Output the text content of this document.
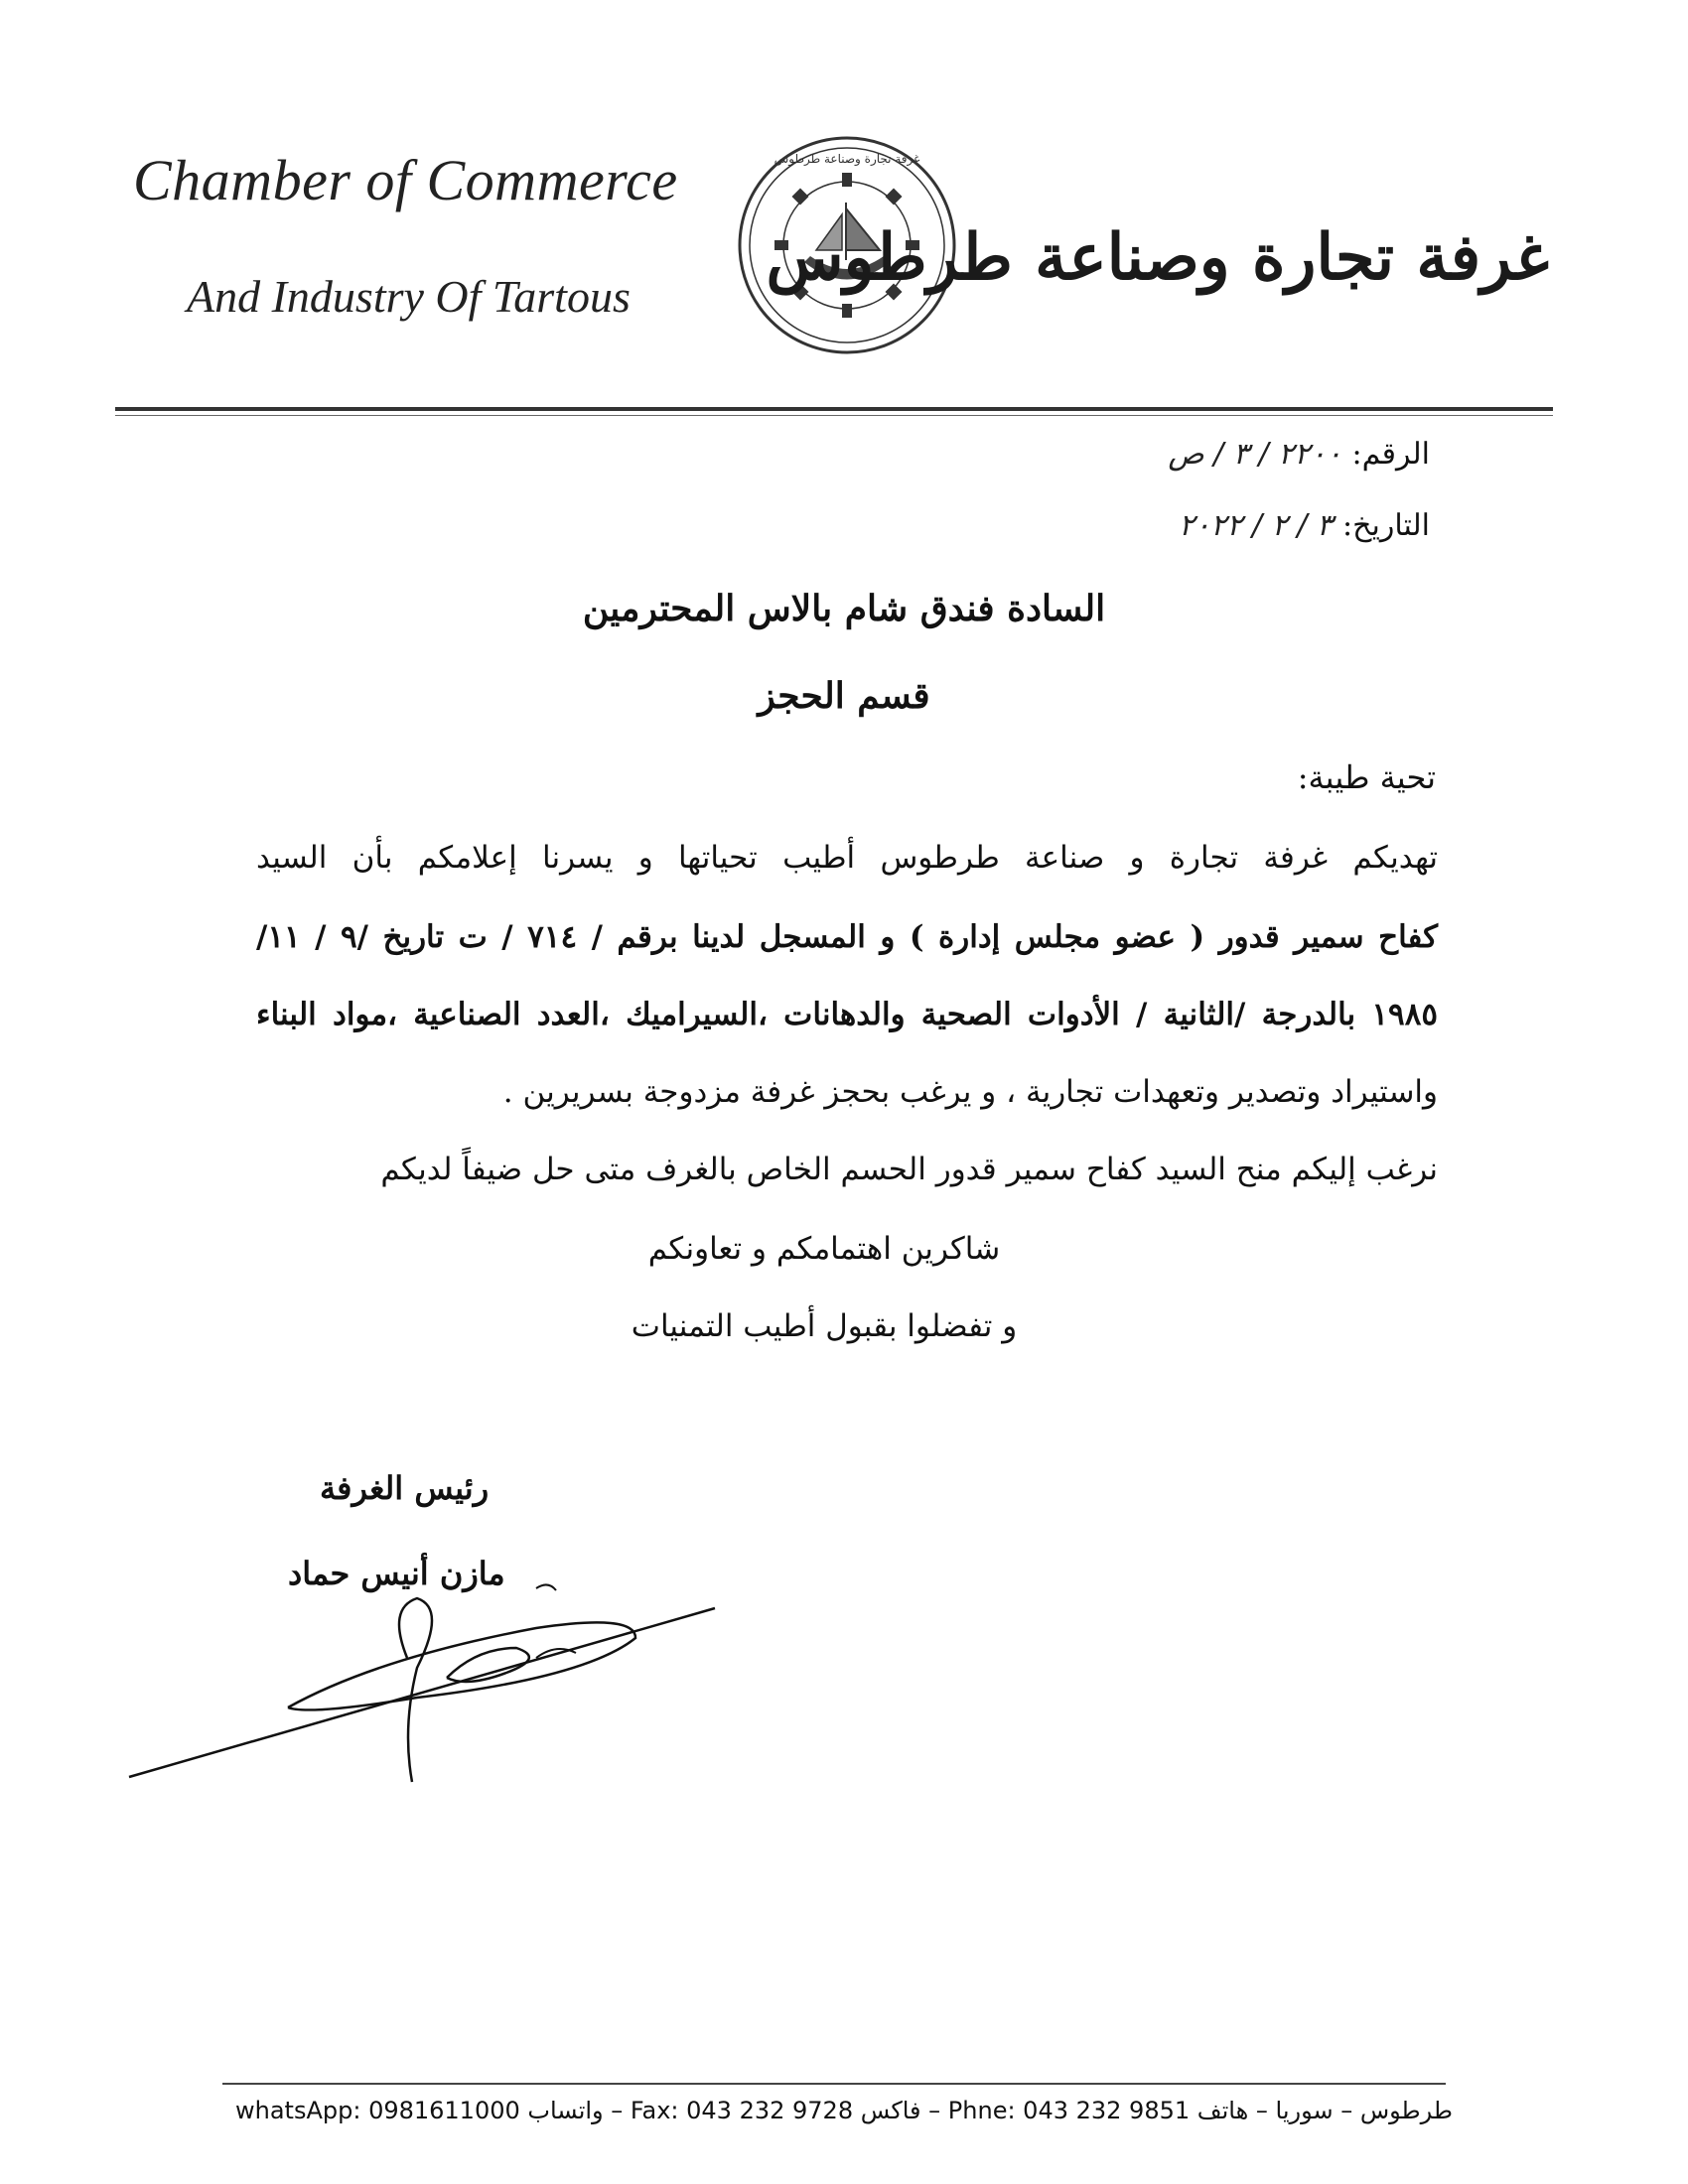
Chamber of Commerce
And Industry Of Tartous
غرفة تجارة وصناعة طرطوس
غرفة تجارة وصناعة طرطوس
الرقم:٢٢٠٠ / ٣ / ص
التاريخ:٣ / ٢ / ٢٠٢٢
السادة فندق شام بالاس المحترمين
قسم الحجز
تحية طيبة:
تهديكم غرفة تجارة و صناعة طرطوس أطيب تحياتها و يسرنا إعلامكم بأن السيد
كفاح سمير قدور ( عضو مجلس إدارة ) و المسجل لدينا برقم / ٧١٤ / ت تاريخ /٩ / ١١/
١٩٨٥ بالدرجة /الثانية / الأدوات الصحية والدهانات ،السيراميك ،العدد الصناعية ،مواد البناء
واستيراد وتصدير وتعهدات تجارية ، و يرغب بحجز غرفة مزدوجة بسريرين .
نرغب إليكم منح السيد كفاح سمير قدور الحسم الخاص بالغرف متى حل ضيفاً لديكم
شاكرين اهتمامكم و تعاونكم
و تفضلوا بقبول أطيب التمنيات
رئيس الغرفة
مازن أنيس حماد
طرطوس – سوريا – هاتف Phne: 043 232 9851 – فاكس Fax: 043 232 9728 – واتساب whatsApp: 0981611000
